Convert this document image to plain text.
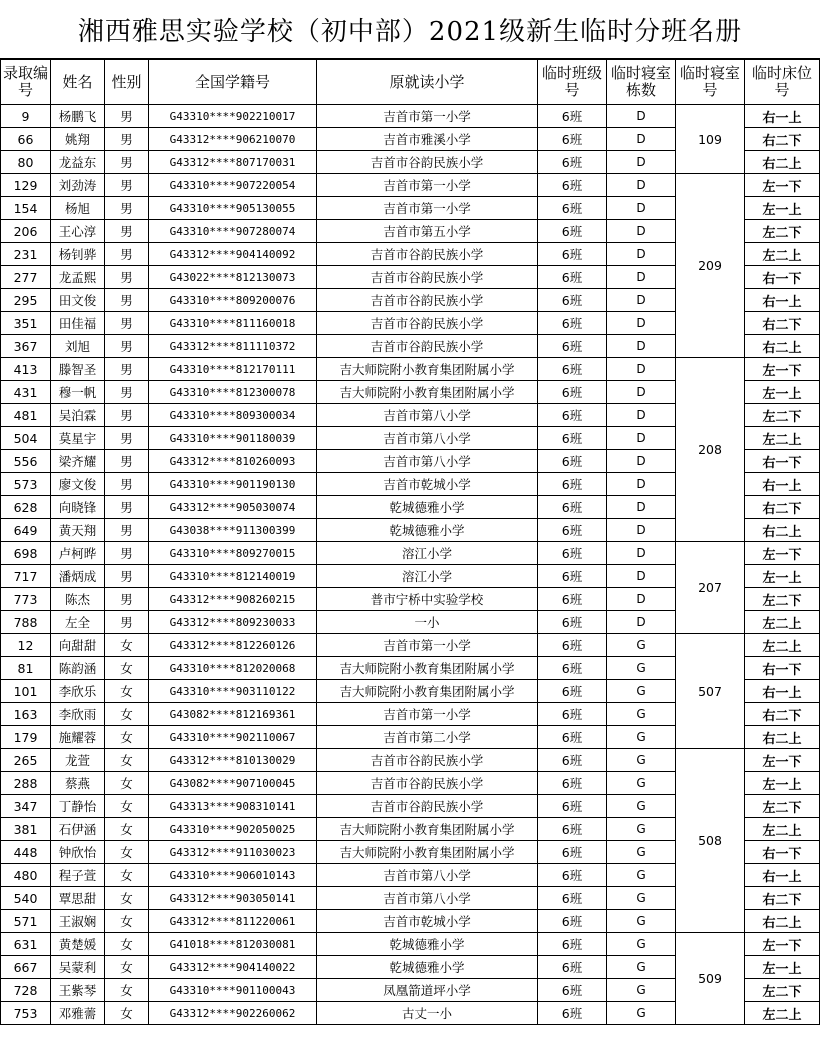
湘西雅思实验学校（初中部）2021级新生临时分班名册
录取编号	姓名	性别	全国学籍号	原就读小学	临时班级号	临时寝室栋数	临时寝室号	临时床位号
9	杨鹏飞	男	G43310****902210017	吉首市第一小学	6班	D	109	右一上
66	姚翔	男	G43312****906210070	吉首市雅溪小学	6班	D		右二下
80	龙益东	男	G43312****807170031	吉首市谷韵民族小学	6班	D		右二上
129	刘劲涛	男	G43310****907220054	吉首市第一小学	6班	D	209	左一下
154	杨旭	男	G43310****905130055	吉首市第一小学	6班	D		左一上
206	王心淳	男	G43310****907280074	吉首市第五小学	6班	D		左二下
231	杨钊骅	男	G43312****904140092	吉首市谷韵民族小学	6班	D		左二上
277	龙孟熙	男	G43022****812130073	吉首市谷韵民族小学	6班	D		右一下
295	田文俊	男	G43310****809200076	吉首市谷韵民族小学	6班	D		右一上
351	田佳福	男	G43310****811160018	吉首市谷韵民族小学	6班	D		右二下
367	刘旭	男	G43312****811110372	吉首市谷韵民族小学	6班	D		右二上
413	滕智圣	男	G43310****812170111	吉大师院附小教育集团附属小学	6班	D	208	左一下
431	穆一帆	男	G43310****812300078	吉大师院附小教育集团附属小学	6班	D		左一上
481	吴泊霖	男	G43310****809300034	吉首市第八小学	6班	D		左二下
504	莫星宇	男	G43310****901180039	吉首市第八小学	6班	D		左二上
556	梁齐耀	男	G43312****810260093	吉首市第八小学	6班	D		右一下
573	廖文俊	男	G43310****901190130	吉首市乾城小学	6班	D		右一上
628	向晓锋	男	G43312****905030074	乾城德雅小学	6班	D		右二下
649	黄天翔	男	G43038****911300399	乾城德雅小学	6班	D		右二上
698	卢柯晔	男	G43310****809270015	溶江小学	6班	D	207	左一下
717	潘炳成	男	G43310****812140019	溶江小学	6班	D		左一上
773	陈杰	男	G43312****908260215	普市宁桥中实验学校	6班	D		左二下
788	左全	男	G43312****809230033	一小	6班	D		左二上
12	向甜甜	女	G43312****812260126	吉首市第一小学	6班	G	507	左二上
81	陈韵涵	女	G43310****812020068	吉大师院附小教育集团附属小学	6班	G		右一下
101	李欣乐	女	G43310****903110122	吉大师院附小教育集团附属小学	6班	G		右一上
163	李欣雨	女	G43082****812169361	吉首市第一小学	6班	G		右二下
179	施耀蓉	女	G43310****902110067	吉首市第二小学	6班	G		右二上
265	龙萱	女	G43312****810130029	吉首市谷韵民族小学	6班	G	508	左一下
288	蔡燕	女	G43082****907100045	吉首市谷韵民族小学	6班	G		左一上
347	丁静怡	女	G43313****908310141	吉首市谷韵民族小学	6班	G		左二下
381	石伊涵	女	G43310****902050025	吉大师院附小教育集团附属小学	6班	G		左二上
448	钟欣怡	女	G43312****911030023	吉大师院附小教育集团附属小学	6班	G		右一下
480	程子萱	女	G43310****906010143	吉首市第八小学	6班	G		右一上
540	覃思甜	女	G43312****903050141	吉首市第八小学	6班	G		右二下
571	王淑娴	女	G43312****811220061	吉首市乾城小学	6班	G		右二上
631	黄楚媛	女	G41018****812030081	乾城德雅小学	6班	G	509	左一下
667	吴蒙利	女	G43312****904140022	乾城德雅小学	6班	G		左一上
728	王紫琴	女	G43310****901100043	凤凰箭道坪小学	6班	G		左二下
753	邓雅薷	女	G43312****902260062	古丈一小	6班	G		左二上
